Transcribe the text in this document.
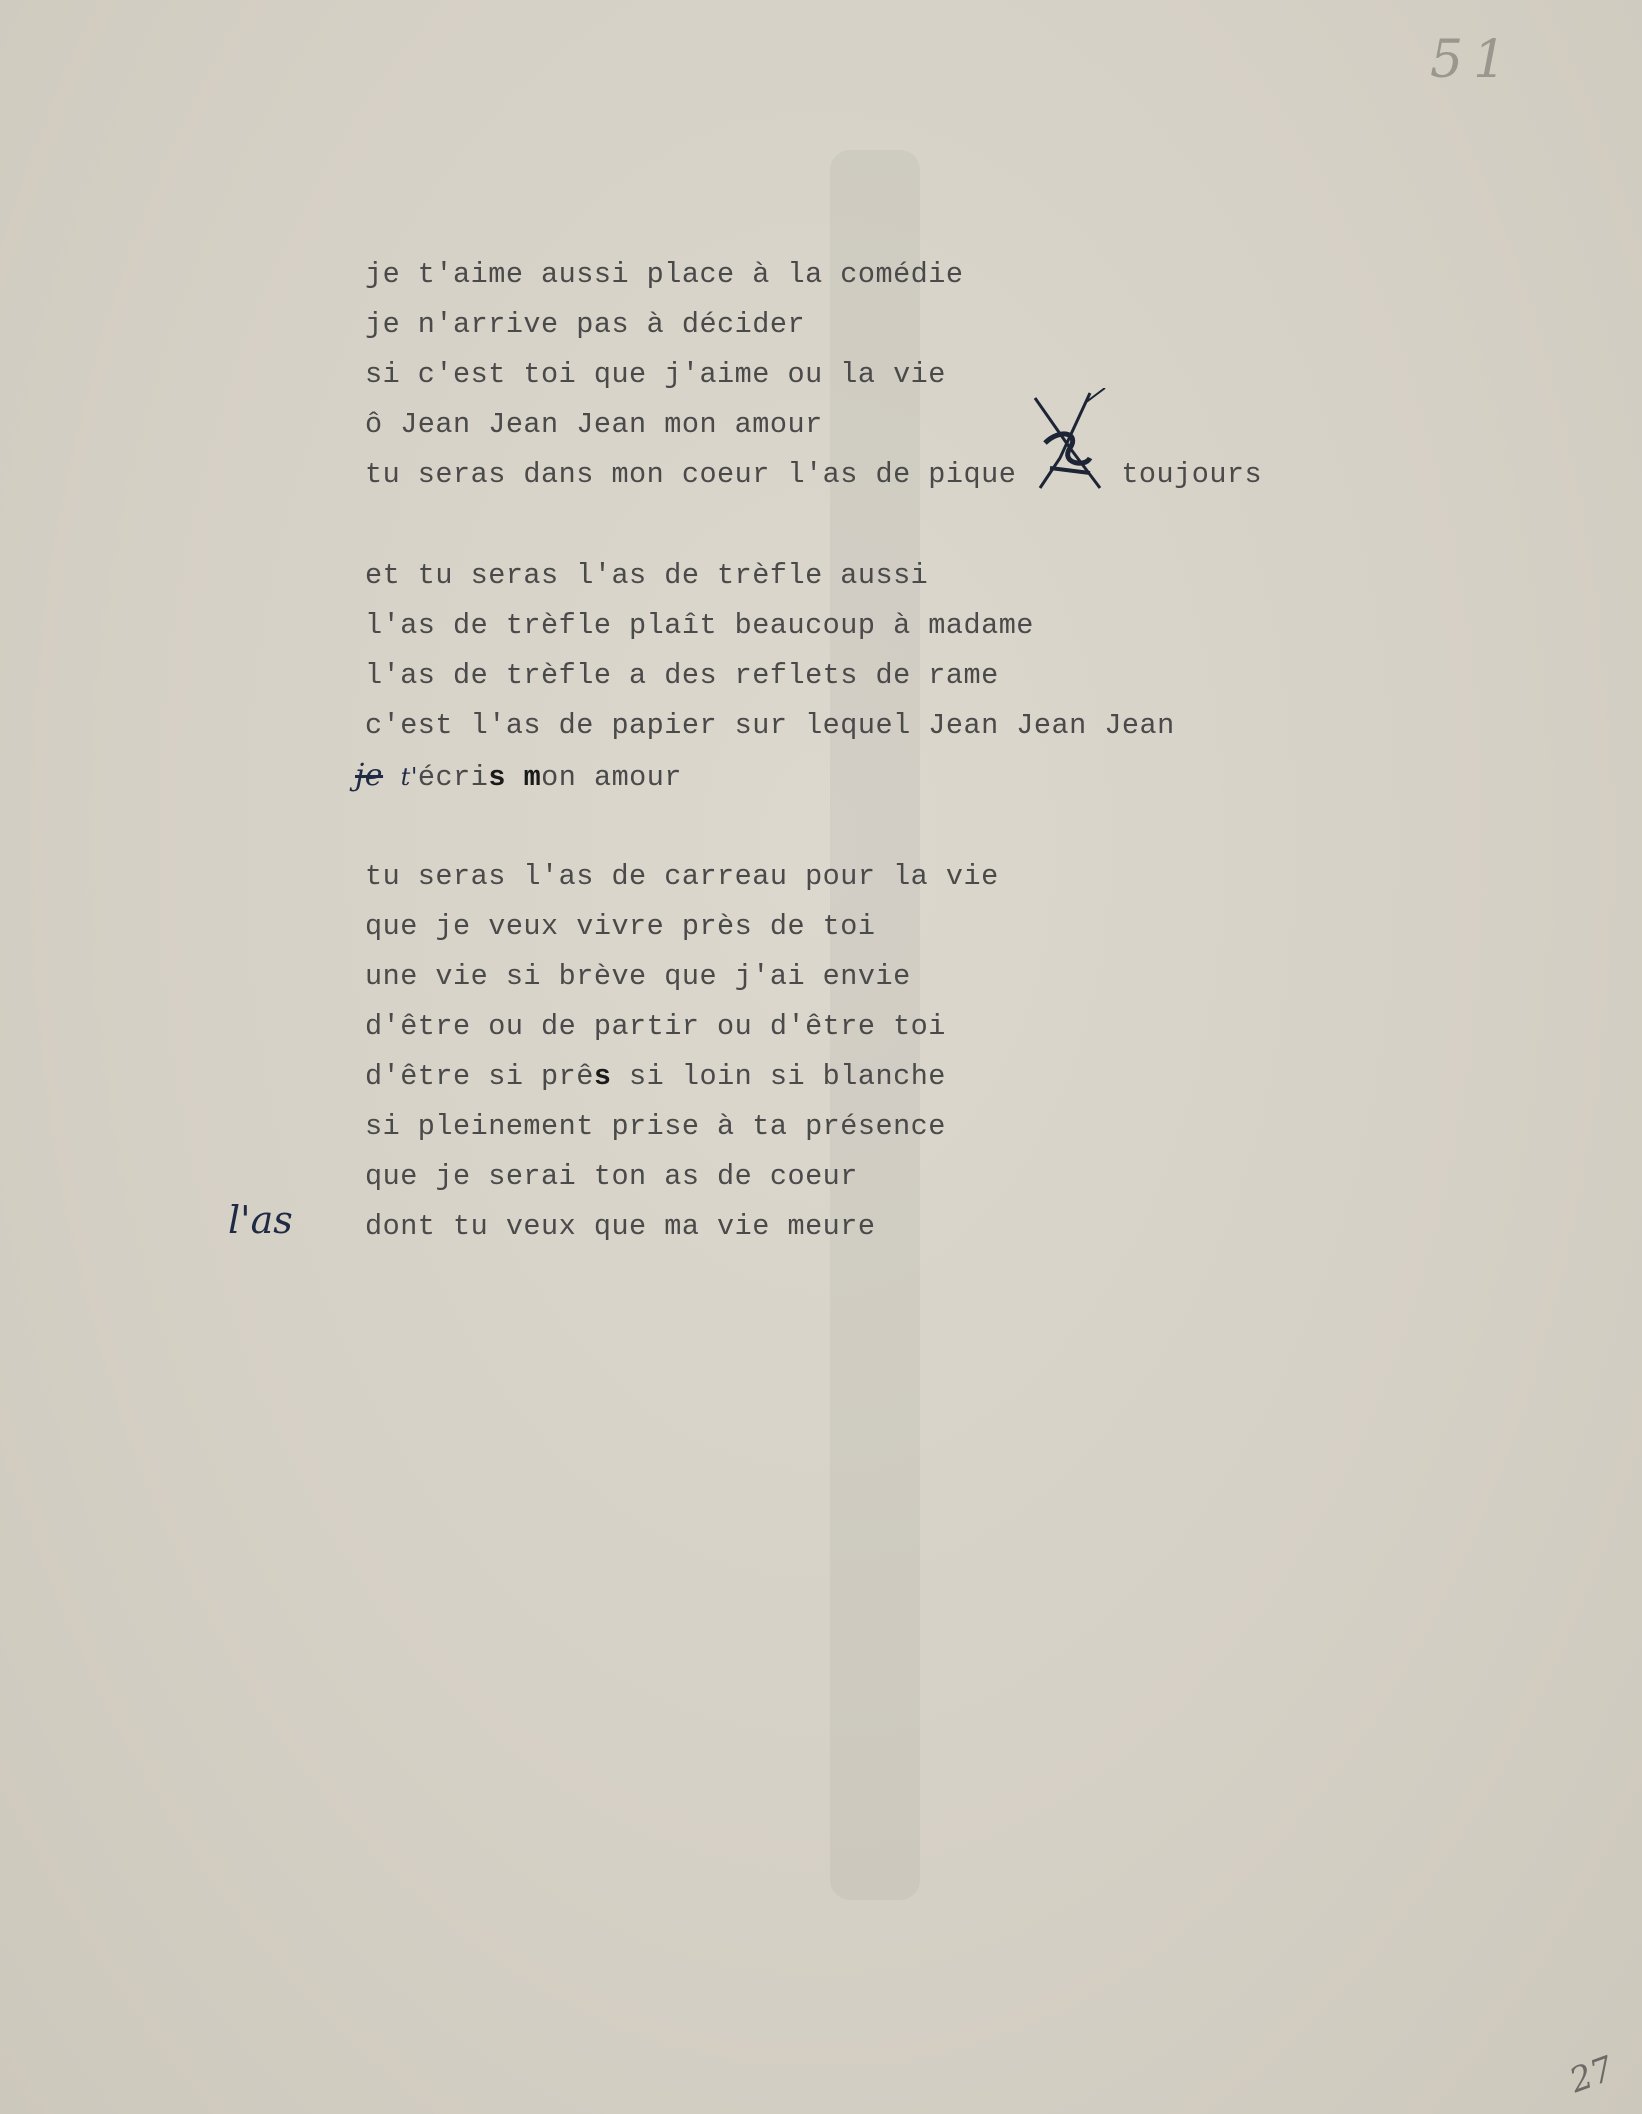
51
je t'aime aussi place à la comédie
je n'arrive pas à décider
si c'est toi que j'aime ou la vie
ô Jean Jean Jean mon amour
tu seras dans mon coeur l'as de pique	toujours
et tu seras l'as de trèfle aussi
l'as de trèfle plaît beaucoup à madame
l'as de trèfle a des reflets de rame
c'est l'as de papier sur lequel Jean Jean Jean
je t'écris mon amour
tu seras l'as de carreau pour la vie
que je veux vivre près de toi
une vie si brève que j'ai envie
d'être ou de partir ou d'être toi
d'être si prês si loin si blanche
si pleinement prise à ta présence
que je serai ton as de coeur
dont tu veux que ma vie meure
l'as
27
